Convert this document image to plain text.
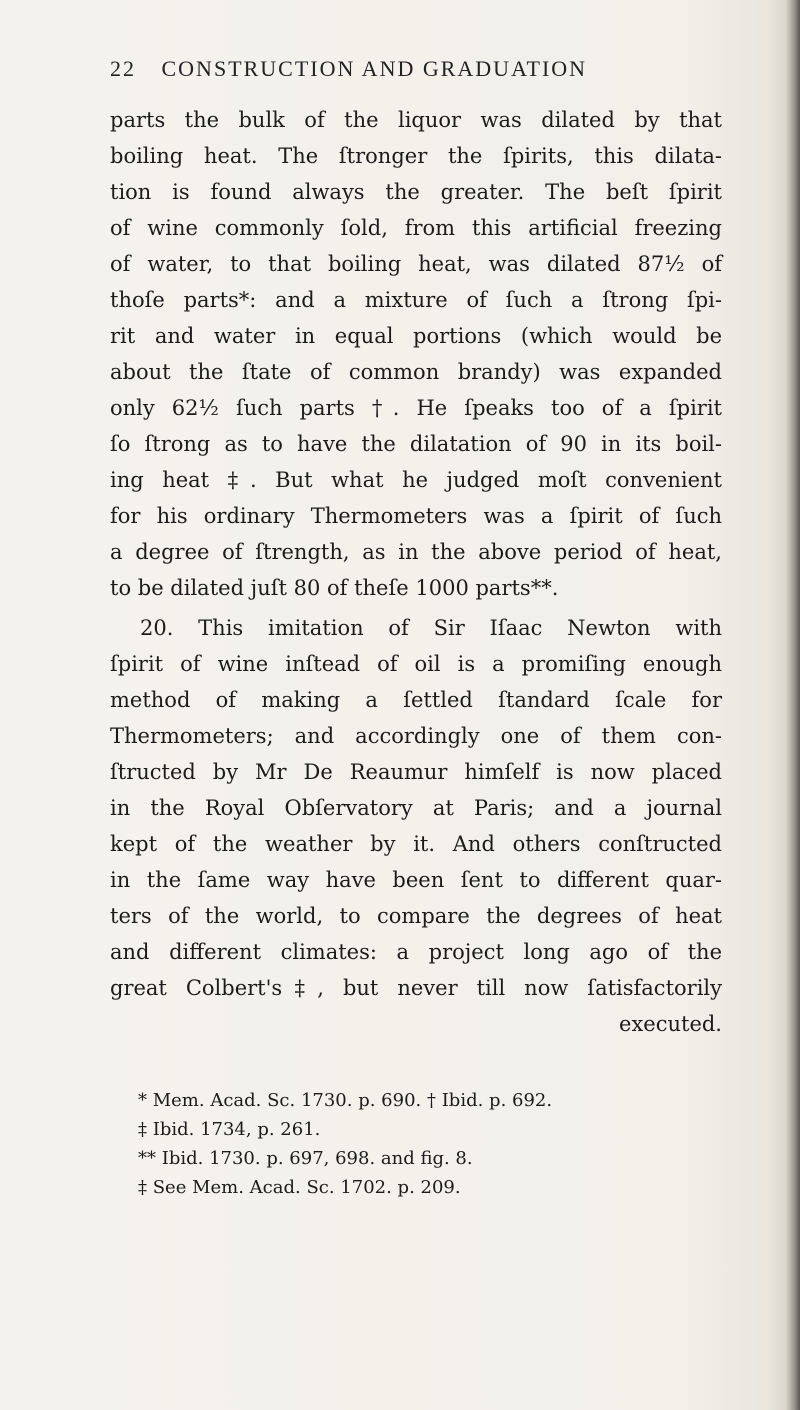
22 CONSTRUCTION AND GRADUATION
parts the bulk of the liquor was dilated by that
boiling heat. The ſtronger the ſpirits, this dilata-
tion is found always the greater. The beſt ſpirit
of wine commonly ſold, from this artificial freezing
of water, to that boiling heat, was dilated 87½ of
thoſe parts*: and a mixture of ſuch a ſtrong ſpi-
rit and water in equal portions (which would be
about the ſtate of common brandy) was expanded
only 62½ ſuch parts †. He ſpeaks too of a ſpirit
ſo ſtrong as to have the dilatation of 90 in its boil-
ing heat ‡. But what he judged moſt convenient
for his ordinary Thermometers was a ſpirit of ſuch
a degree of ſtrength, as in the above period of heat,
to be dilated juſt 80 of theſe 1000 parts**.
20. This imitation of Sir Iſaac Newton with
ſpirit of wine inſtead of oil is a promiſing enough
method of making a ſettled ſtandard ſcale for
Thermometers; and accordingly one of them con-
ſtructed by Mr De Reaumur himſelf is now placed
in the Royal Obſervatory at Paris; and a journal
kept of the weather by it. And others conſtructed
in the ſame way have been ſent to different quar-
ters of the world, to compare the degrees of heat
and different climates: a project long ago of the
great Colbert's‡, but never till now ſatisfactorily
executed.
* Mem. Acad. Sc. 1730. p. 690. † Ibid. p. 692.
‡ Ibid. 1734, p. 261.
** Ibid. 1730. p. 697, 698. and fig. 8.
‡ See Mem. Acad. Sc. 1702. p. 209.
